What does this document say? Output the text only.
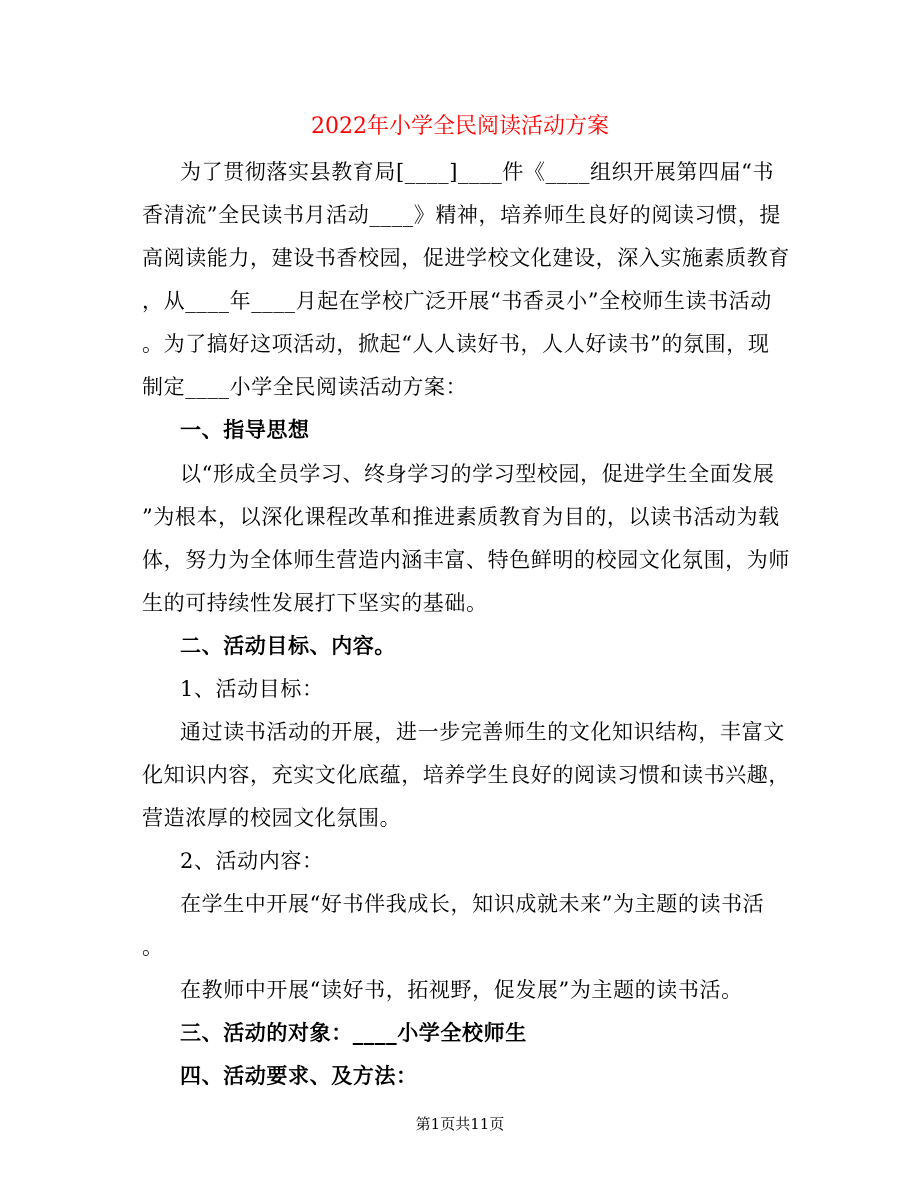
2022年小学全民阅读活动方案

为了贯彻落实县教育局[____]____件《____组织开展第四届“书

香清流”全民读书月活动____》精神，培养师生良好的阅读习惯，提

高阅读能力，建设书香校园，促进学校文化建设，深入实施素质教育

，从____年____月起在学校广泛开展“书香灵小”全校师生读书活动

。为了搞好这项活动，掀起“人人读好书，人人好读书”的氛围，现

制定____小学全民阅读活动方案：

一、指导思想

以“形成全员学习、终身学习的学习型校园，促进学生全面发展

”为根本，以深化课程改革和推进素质教育为目的，以读书活动为载

体，努力为全体师生营造内涵丰富、特色鲜明的校园文化氛围，为师

生的可持续性发展打下坚实的基础。

二、活动目标、内容。

1、活动目标：

通过读书活动的开展，进一步完善师生的文化知识结构，丰富文

化知识内容，充实文化底蕴，培养学生良好的阅读习惯和读书兴趣，

营造浓厚的校园文化氛围。

2、活动内容：

在学生中开展“好书伴我成长，知识成就未来”为主题的读书活

。

在教师中开展“读好书，拓视野，促发展”为主题的读书活。

三、活动的对象：____小学全校师生

四、活动要求、及方法：

第1页共11页
